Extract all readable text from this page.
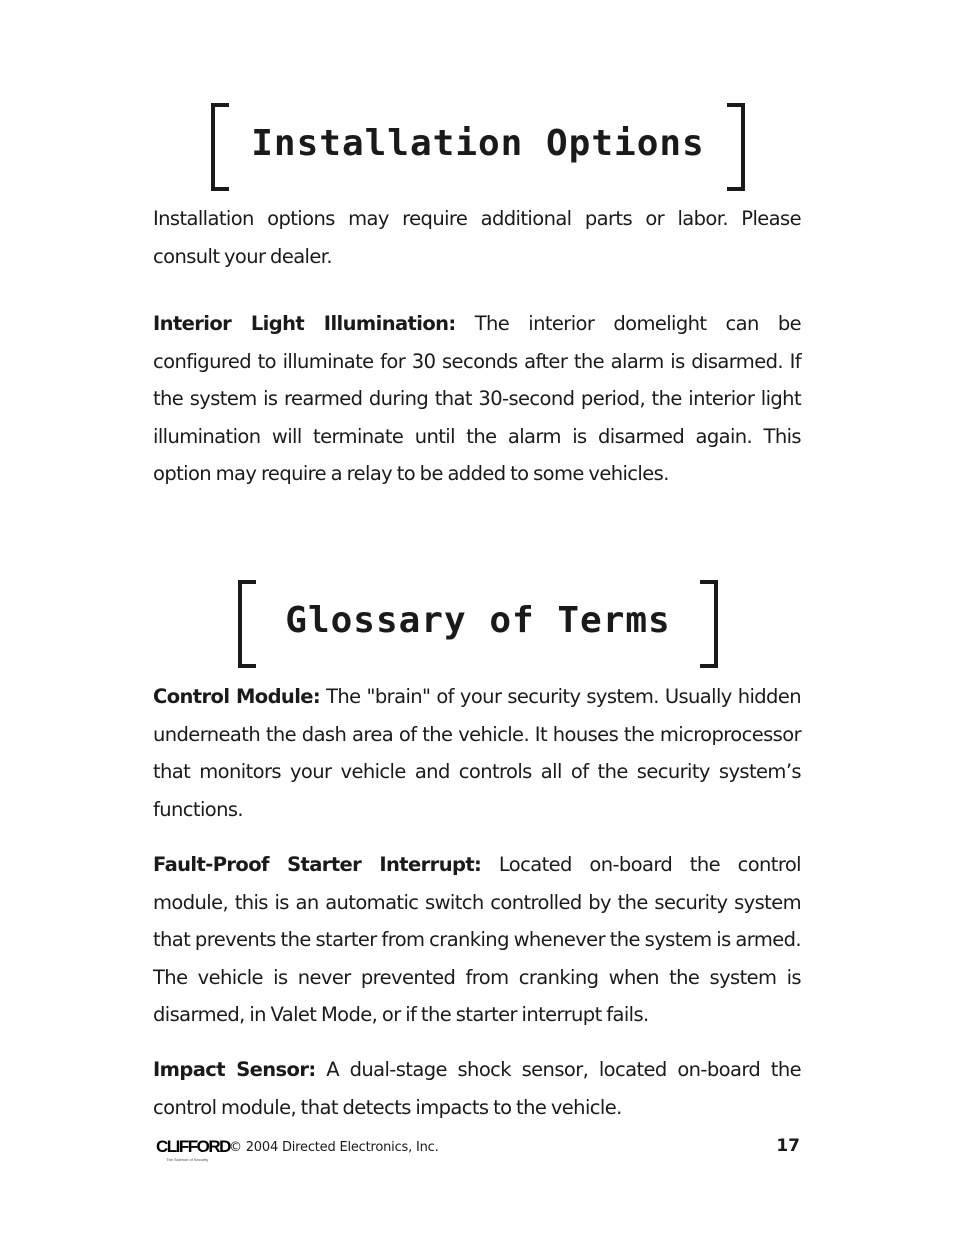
Installation Options

Installation options may require additional parts or labor. Please consult your dealer.

Interior Light Illumination: The interior domelight can be configured to illuminate for 30 seconds after the alarm is disarmed. If the system is rearmed during that 30-second period, the interior light illumination will terminate until the alarm is disarmed again. This option may require a relay to be added to some vehicles.

Glossary of Terms

Control Module: The "brain" of your security system. Usually hidden underneath the dash area of the vehicle. It houses the microprocessor that monitors your vehicle and controls all of the security system’s functions.

Fault-Proof Starter Interrupt: Located on-board the control module, this is an automatic switch controlled by the security system that prevents the starter from cranking whenever the system is armed. The vehicle is never prevented from cranking when the system is disarmed, in Valet Mode, or if the starter interrupt fails.

Impact Sensor: A dual-stage shock sensor, located on-board the control module, that detects impacts to the vehicle.

CLIFFORD
The Science of Security
© 2004 Directed Electronics, Inc.	17
